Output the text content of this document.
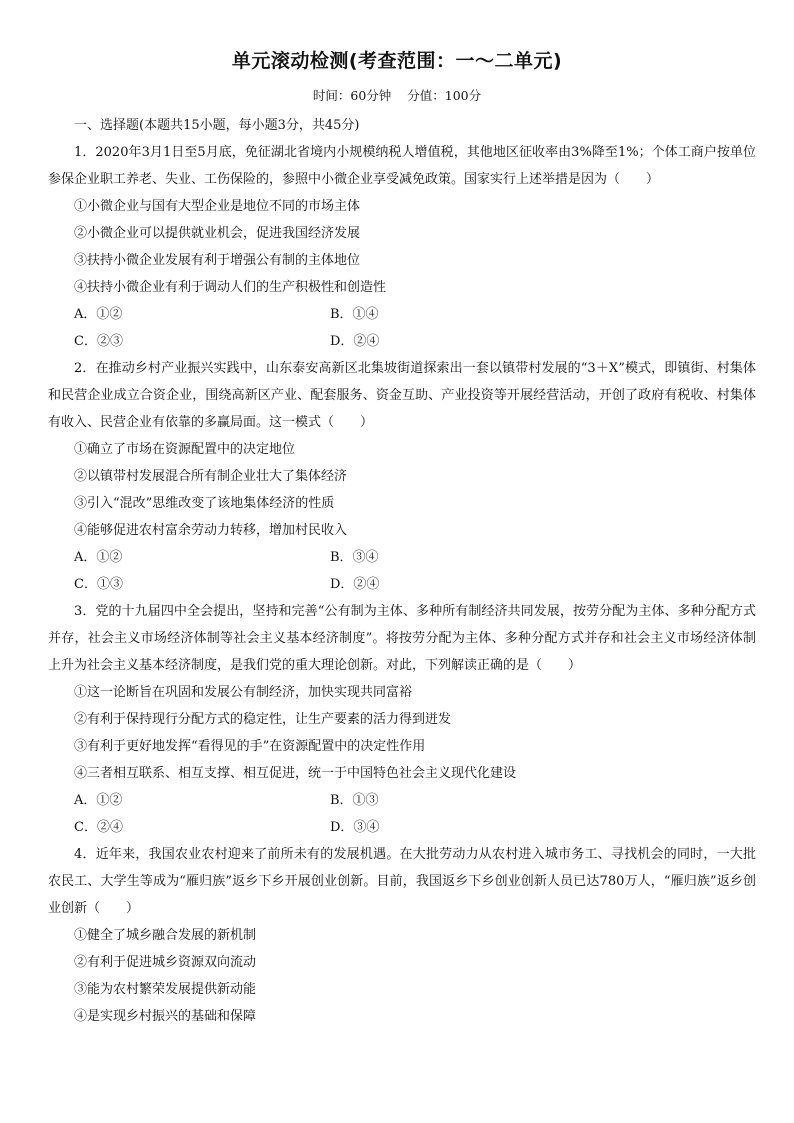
单元滚动检测(考查范围：一～二单元)
时间：60分钟 分值：100分

一、选择题(本题共15小题，每小题3分，共45分)

1．2020年3月1日至5月底，免征湖北省境内小规模纳税人增值税，其他地区征收率由3%降至1%；个体工商户按单位参保企业职工养老、失业、工伤保险的，参照中小微企业享受减免政策。国家实行上述举措是因为（　　）

①小微企业与国有大型企业是地位不同的市场主体

②小微企业可以提供就业机会，促进我国经济发展

③扶持小微企业发展有利于增强公有制的主体地位

④扶持小微企业有利于调动人们的生产积极性和创造性

A．①②	B．①④
C．②③	D．②④

2．在推动乡村产业振兴实践中，山东泰安高新区北集坡街道探索出一套以镇带村发展的“3＋X”模式，即镇街、村集体和民营企业成立合资企业，围绕高新区产业、配套服务、资金互助、产业投资等开展经营活动，开创了政府有税收、村集体有收入、民营企业有依靠的多赢局面。这一模式（　　）

①确立了市场在资源配置中的决定地位

②以镇带村发展混合所有制企业壮大了集体经济

③引入“混改”思维改变了该地集体经济的性质

④能够促进农村富余劳动力转移，增加村民收入

A．①②	B．③④
C．①③	D．②④

3．党的十九届四中全会提出，坚持和完善“公有制为主体、多种所有制经济共同发展，按劳分配为主体、多种分配方式并存，社会主义市场经济体制等社会主义基本经济制度”。将按劳分配为主体、多种分配方式并存和社会主义市场经济体制上升为社会主义基本经济制度，是我们党的重大理论创新。对此，下列解读正确的是（　　）

①这一论断旨在巩固和发展公有制经济，加快实现共同富裕

②有利于保持现行分配方式的稳定性，让生产要素的活力得到迸发

③有利于更好地发挥“看得见的手”在资源配置中的决定性作用

④三者相互联系、相互支撑、相互促进，统一于中国特色社会主义现代化建设

A．①②	B．①③
C．②④	D．③④

4．近年来，我国农业农村迎来了前所未有的发展机遇。在大批劳动力从农村进入城市务工、寻找机会的同时，一大批农民工、大学生等成为“雁归族”返乡下乡开展创业创新。目前，我国返乡下乡创业创新人员已达780万人，“雁归族”返乡创业创新（　　）

①健全了城乡融合发展的新机制

②有利于促进城乡资源双向流动

③能为农村繁荣发展提供新动能

④是实现乡村振兴的基础和保障
